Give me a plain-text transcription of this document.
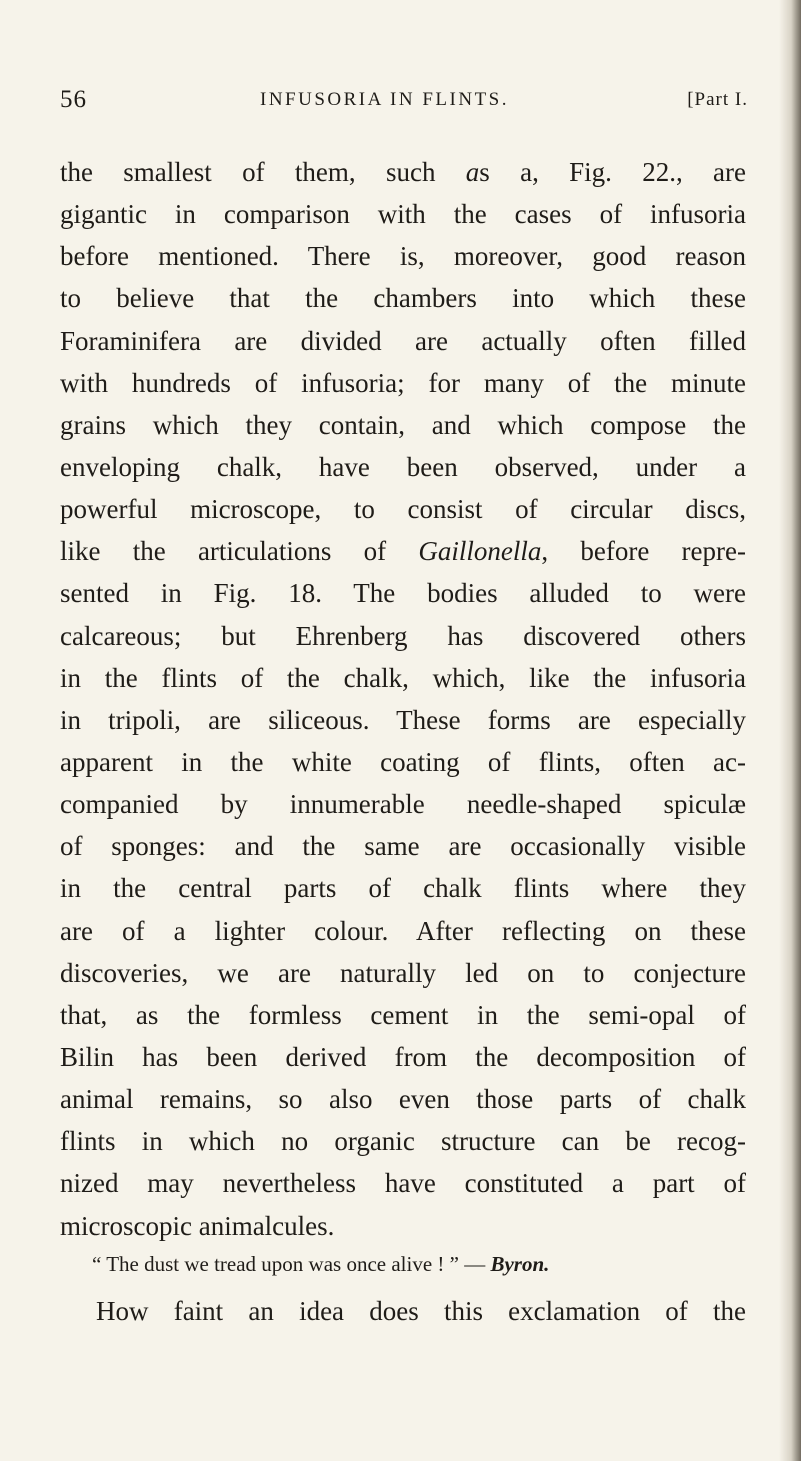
56	INFUSORIA IN FLINTS.	[Part I.
the smallest of them, such as a, Fig. 22., are
gigantic in comparison with the cases of infusoria
before mentioned. There is, moreover, good reason
to believe that the chambers into which these
Foraminifera are divided are actually often filled
with hundreds of infusoria; for many of the minute
grains which they contain, and which compose the
enveloping chalk, have been observed, under a
powerful microscope, to consist of circular discs,
like the articulations of Gaillonella, before repre-
sented in Fig. 18. The bodies alluded to were
calcareous; but Ehrenberg has discovered others
in the flints of the chalk, which, like the infusoria
in tripoli, are siliceous. These forms are especially
apparent in the white coating of flints, often ac-
companied by innumerable needle-shaped spiculæ
of sponges: and the same are occasionally visible
in the central parts of chalk flints where they
are of a lighter colour. After reflecting on these
discoveries, we are naturally led on to conjecture
that, as the formless cement in the semi-opal of
Bilin has been derived from the decomposition of
animal remains, so also even those parts of chalk
flints in which no organic structure can be recog-
nized may nevertheless have constituted a part of
microscopic animalcules.
“ The dust we tread upon was once alive ! ” — Byron.
How faint an idea does this exclamation of the
